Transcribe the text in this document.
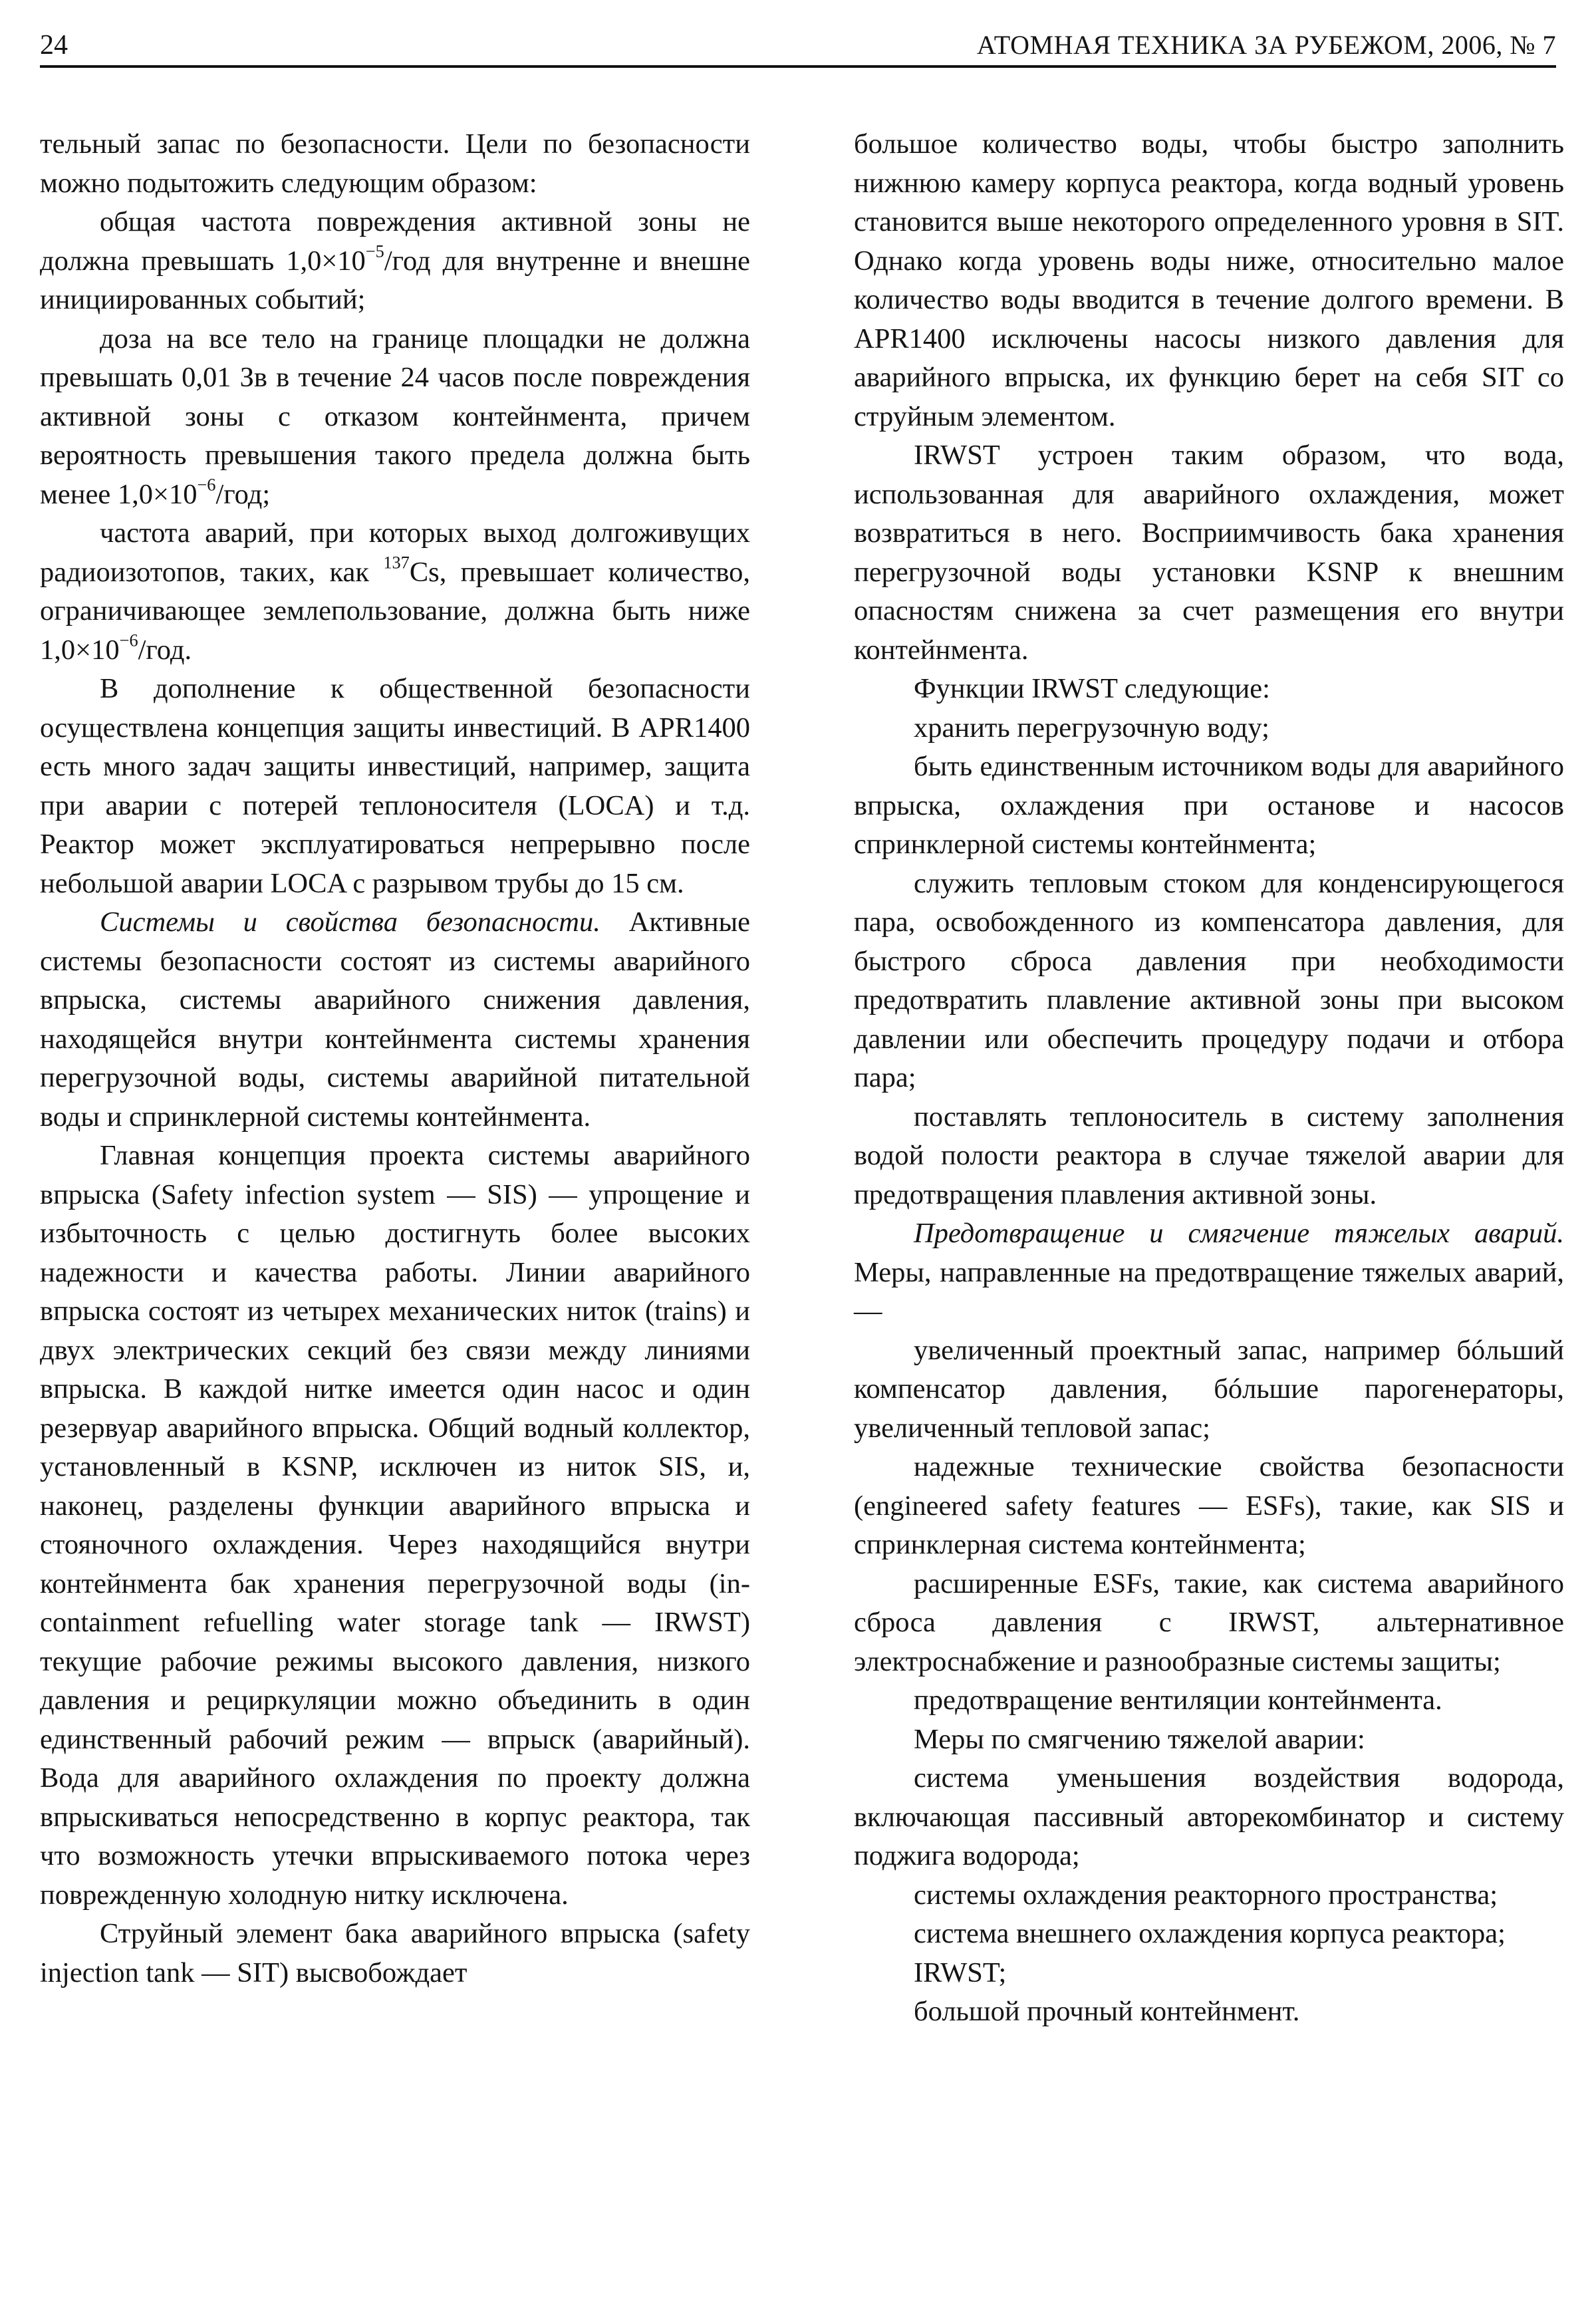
24	АТОМНАЯ ТЕХНИКА ЗА РУБЕЖОМ, 2006, № 7

тельный запас по безопасности. Цели по безопасности можно подытожить следующим образом:

общая частота повреждения активной зоны не должна превышать $1,0\times 10^{-5}$/год для внутренне и внешне инициированных событий;

доза на все тело на границе площадки не должна превышать 0,01 Зв в течение 24 часов после повреждения активной зоны с отказом контейнмента, причем вероятность превышения такого предела должна быть менее $1,0\times 10^{-6}$/год;

частота аварий, при которых выход долгоживущих радиоизотопов, таких, как $^{137}$Cs, превышает количество, ограничивающее землепользование, должна быть ниже $1,0\times 10^{-6}$/год.

В дополнение к общественной безопасности осуществлена концепция защиты инвестиций. В APR1400 есть много задач защиты инвестиций, например, защита при аварии с потерей теплоносителя (LOCA) и т.д. Реактор может эксплуатироваться непрерывно после небольшой аварии LOCA с разрывом трубы до 15 см.

Системы и свойства безопасности. Активные системы безопасности состоят из системы аварийного впрыска, системы аварийного снижения давления, находящейся внутри контейнмента системы хранения перегрузочной воды, системы аварийной питательной воды и спринклерной системы контейнмента.

Главная концепция проекта системы аварийного впрыска (Safety infection system — SIS) — упрощение и избыточность с целью достигнуть более высоких надежности и качества работы. Линии аварийного впрыска состоят из четырех механических ниток (trains) и двух электрических секций без связи между линиями впрыска. В каждой нитке имеется один насос и один резервуар аварийного впрыска. Общий водный коллектор, установленный в KSNP, исключен из ниток SIS, и, наконец, разделены функции аварийного впрыска и стояночного охлаждения. Через находящийся внутри контейнмента бак хранения перегрузочной воды (in-containment refuelling water storage tank — IRWST) текущие рабочие режимы высокого давления, низкого давления и рециркуляции можно объединить в один единственный рабочий режим — впрыск (аварийный). Вода для аварийного охлаждения по проекту должна впрыскиваться непосредственно в корпус реактора, так что возможность утечки впрыскиваемого потока через поврежденную холодную нитку исключена.

Струйный элемент бака аварийного впрыска (safety injection tank — SIT) высвобождает

большое количество воды, чтобы быстро заполнить нижнюю камеру корпуса реактора, когда водный уровень становится выше некоторого определенного уровня в SIT. Однако когда уровень воды ниже, относительно малое количество воды вводится в течение долгого времени. В APR1400 исключены насосы низкого давления для аварийного впрыска, их функцию берет на себя SIT со струйным элементом.

IRWST устроен таким образом, что вода, использованная для аварийного охлаждения, может возвратиться в него. Восприимчивость бака хранения перегрузочной воды установки KSNP к внешним опасностям снижена за счет размещения его внутри контейнмента.

Функции IRWST следующие:

хранить перегрузочную воду;

быть единственным источником воды для аварийного впрыска, охлаждения при останове и насосов спринклерной системы контейнмента;

служить тепловым стоком для конденсирующегося пара, освобожденного из компенсатора давления, для быстрого сброса давления при необходимости предотвратить плавление активной зоны при высоком давлении или обеспечить процедуру подачи и отбора пара;

поставлять теплоноситель в систему заполнения водой полости реактора в случае тяжелой аварии для предотвращения плавления активной зоны.

Предотвращение и смягчение тяжелых аварий. Меры, направленные на предотвращение тяжелых аварий, —

увеличенный проектный запас, например бóльший компенсатор давления, бóльшие парогенераторы, увеличенный тепловой запас;

надежные технические свойства безопасности (engineered safety features — ESFs), такие, как SIS и спринклерная система контейнмента;

расширенные ESFs, такие, как система аварийного сброса давления с IRWST, альтернативное электроснабжение и разнообразные системы защиты;

предотвращение вентиляции контейнмента.

Меры по смягчению тяжелой аварии:

система уменьшения воздействия водорода, включающая пассивный авторекомбинатор и систему поджига водорода;

системы охлаждения реакторного пространства;

система внешнего охлаждения корпуса реактора;

IRWST;

большой прочный контейнмент.
